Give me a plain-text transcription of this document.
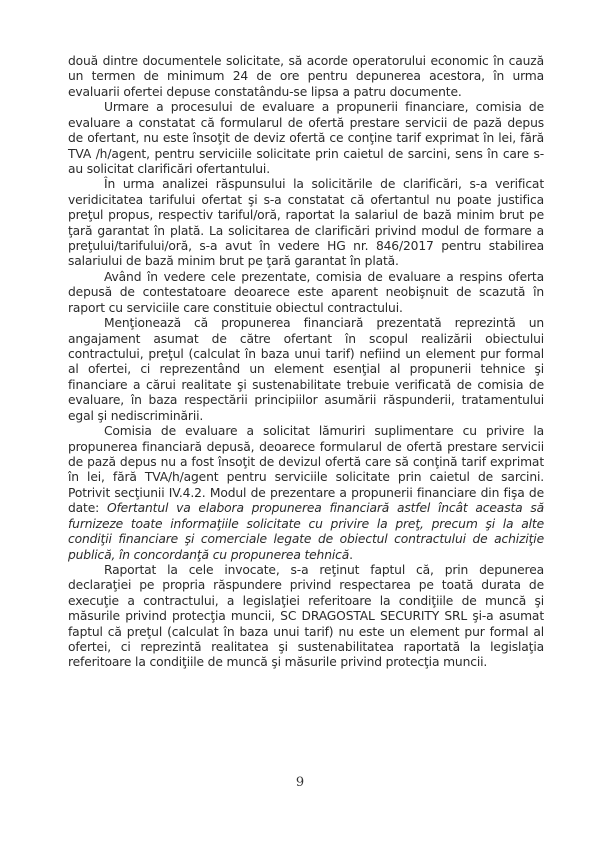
două dintre documentele solicitate, să acorde operatorului economic în cauză un termen de minimum 24 de ore pentru depunerea acestora, în urma evaluarii ofertei depuse constatându-se lipsa a patru documente.

Urmare a procesului de evaluare a propunerii financiare, comisia de evaluare a constatat că formularul de ofertă prestare servicii de pază depus de ofertant, nu este însoţit de deviz ofertă ce conţine tarif exprimat în lei, fără TVA /h/agent, pentru serviciile solicitate prin caietul de sarcini, sens în care s-au solicitat clarificări ofertantului.

În urma analizei răspunsului la solicitările de clarificări, s-a verificat veridicitatea tarifului ofertat şi s-a constatat că ofertantul nu poate justifica preţul propus, respectiv tariful/oră, raportat la salariul de bază minim brut pe ţară garantat în plată. La solicitarea de clarificări privind modul de formare a preţului/tarifului/oră, s-a avut în vedere HG nr. 846/2017 pentru stabilirea salariului de bază minim brut pe ţară garantat în plată.

Având în vedere cele prezentate, comisia de evaluare a respins oferta depusă de contestatoare deoarece este aparent neobişnuit de scazută în raport cu serviciile care constituie obiectul contractului.

Menţionează că propunerea financiară prezentată reprezintă un angajament asumat de către ofertant în scopul realizării obiectului contractului, preţul (calculat în baza unui tarif) nefiind un element pur formal al ofertei, ci reprezentând un element esenţial al propunerii tehnice şi financiare a cărui realitate şi sustenabilitate trebuie verificată de comisia de evaluare, în baza respectării principiilor asumării răspunderii, tratamentului egal şi nediscriminării.

Comisia de evaluare a solicitat lămuriri suplimentare cu privire la propunerea financiară depusă, deoarece formularul de ofertă prestare servicii de pază depus nu a fost însoţit de devizul ofertă care să conţină tarif exprimat în lei, fără TVA/h/agent pentru serviciile solicitate prin caietul de sarcini. Potrivit secţiunii IV.4.2. Modul de prezentare a propunerii financiare din fişa de date: Ofertantul va elabora propunerea financiară astfel încât aceasta să furnizeze toate informaţiile solicitate cu privire la preţ, precum şi la alte condiţii financiare şi comerciale legate de obiectul contractului de achiziţie publică, în concordanţă cu propunerea tehnică.

Raportat la cele invocate, s-a reţinut faptul că, prin depunerea declaraţiei pe propria răspundere privind respectarea pe toată durata de execuţie a contractului, a legislaţiei referitoare la condiţiile de muncă şi măsurile privind protecţia muncii, SC DRAGOSTAL SECURITY SRL şi-a asumat faptul că preţul (calculat în baza unui tarif) nu este un element pur formal al ofertei, ci reprezintă realitatea şi sustenabilitatea raportată la legislaţia referitoare la condiţiile de muncă şi măsurile privind protecţia muncii.

9
